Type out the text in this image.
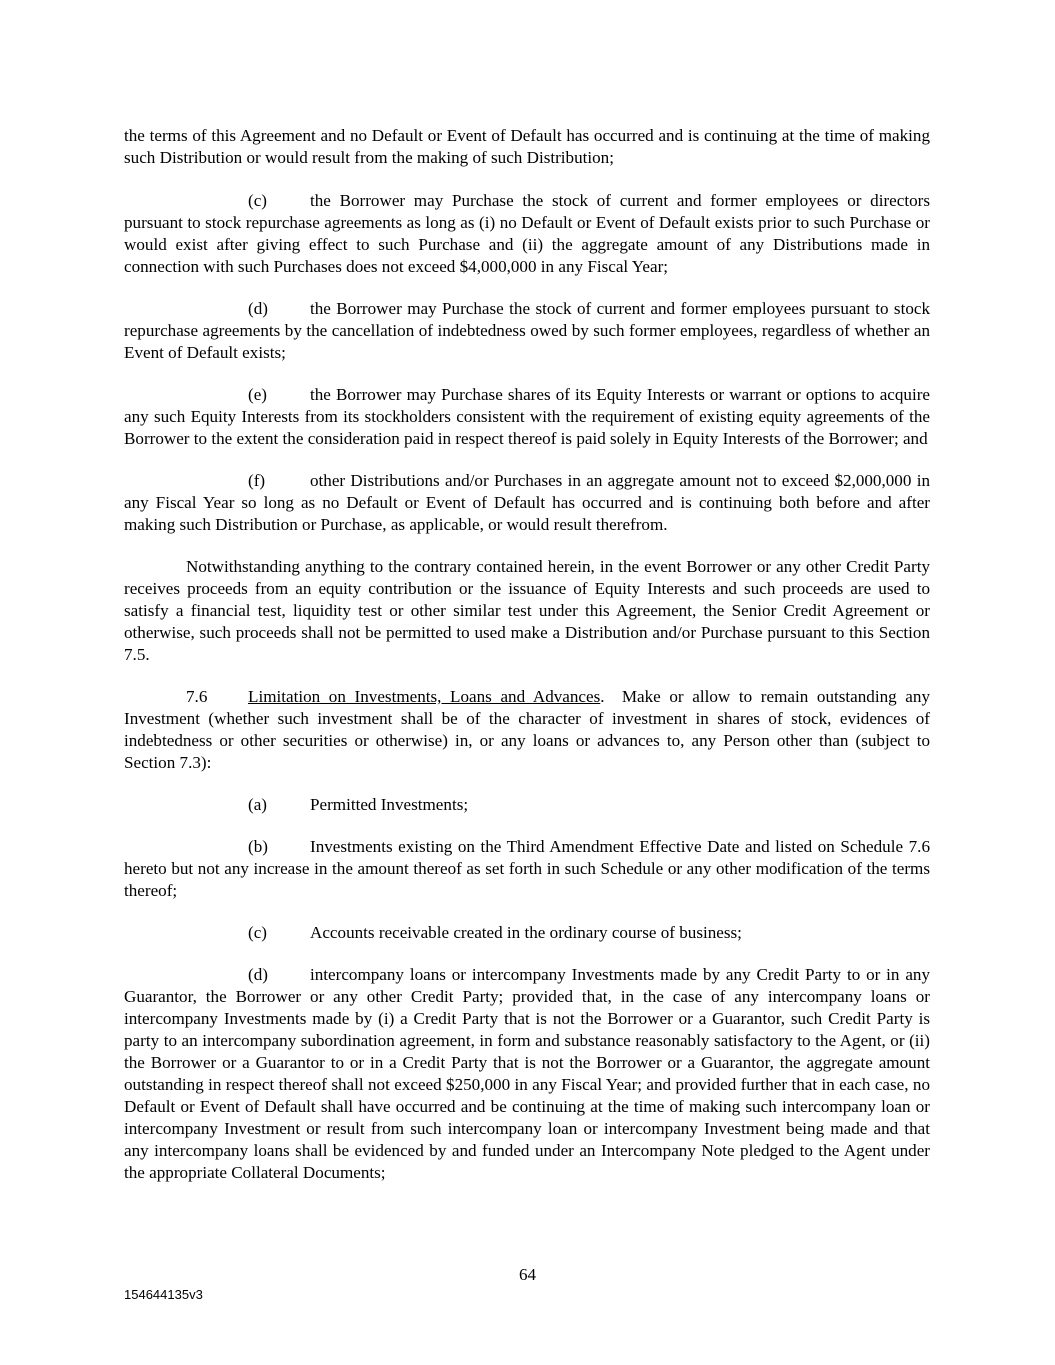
the terms of this Agreement and no Default or Event of Default has occurred and is continuing at the time of making such Distribution or would result from the making of such Distribution;

(c)	the Borrower may Purchase the stock of current and former employees or directors pursuant to stock repurchase agreements as long as (i) no Default or Event of Default exists prior to such Purchase or would exist after giving effect to such Purchase and (ii) the aggregate amount of any Distributions made in connection with such Purchases does not exceed $4,000,000 in any Fiscal Year;

(d) the Borrower may Purchase the stock of current and former employees pursuant to stock repurchase agreements by the cancellation of indebtedness owed by such former employees, regardless of whether an Event of Default exists;

(e)	the Borrower may Purchase shares of its Equity Interests or warrant or options to acquire any such Equity Interests from its stockholders consistent with the requirement of existing equity agreements of the Borrower to the extent the consideration paid in respect thereof is paid solely in Equity Interests of the Borrower; and

(f)	other Distributions and/or Purchases in an aggregate amount not to exceed $2,000,000 in any Fiscal Year so long as no Default or Event of Default has occurred and is continuing both before and after making such Distribution or Purchase, as applicable, or would result therefrom.

Notwithstanding anything to the contrary contained herein, in the event Borrower or any other Credit Party receives proceeds from an equity contribution or the issuance of Equity Interests and such proceeds are used to satisfy a financial test, liquidity test or other similar test under this Agreement, the Senior Credit Agreement or otherwise, such proceeds shall not be permitted to used make a Distribution and/or Purchase pursuant to this Section 7.5.

7.6 Limitation on Investments, Loans and Advances. Make or allow to remain outstanding any Investment (whether such investment shall be of the character of investment in shares of stock, evidences of indebtedness or other securities or otherwise) in, or any loans or advances to, any Person other than (subject to Section 7.3):

(a)	Permitted Investments;

(b) Investments existing on the Third Amendment Effective Date and listed on Schedule 7.6 hereto but not any increase in the amount thereof as set forth in such Schedule or any other modification of the terms thereof;

(c)	Accounts receivable created in the ordinary course of business;

(d) intercompany loans or intercompany Investments made by any Credit Party to or in any Guarantor, the Borrower or any other Credit Party; provided that, in the case of any intercompany loans or intercompany Investments made by (i) a Credit Party that is not the Borrower or a Guarantor, such Credit Party is party to an intercompany subordination agreement, in form and substance reasonably satisfactory to the Agent, or (ii) the Borrower or a Guarantor to or in a Credit Party that is not the Borrower or a Guarantor, the aggregate amount outstanding in respect thereof shall not exceed $250,000 in any Fiscal Year; and provided further that in each case, no Default or Event of Default shall have occurred and be continuing at the time of making such intercompany loan or intercompany Investment or result from such intercompany loan or intercompany Investment being made and that any intercompany loans shall be evidenced by and funded under an Intercompany Note pledged to the Agent under the appropriate Collateral Documents;

64
154644135v3
